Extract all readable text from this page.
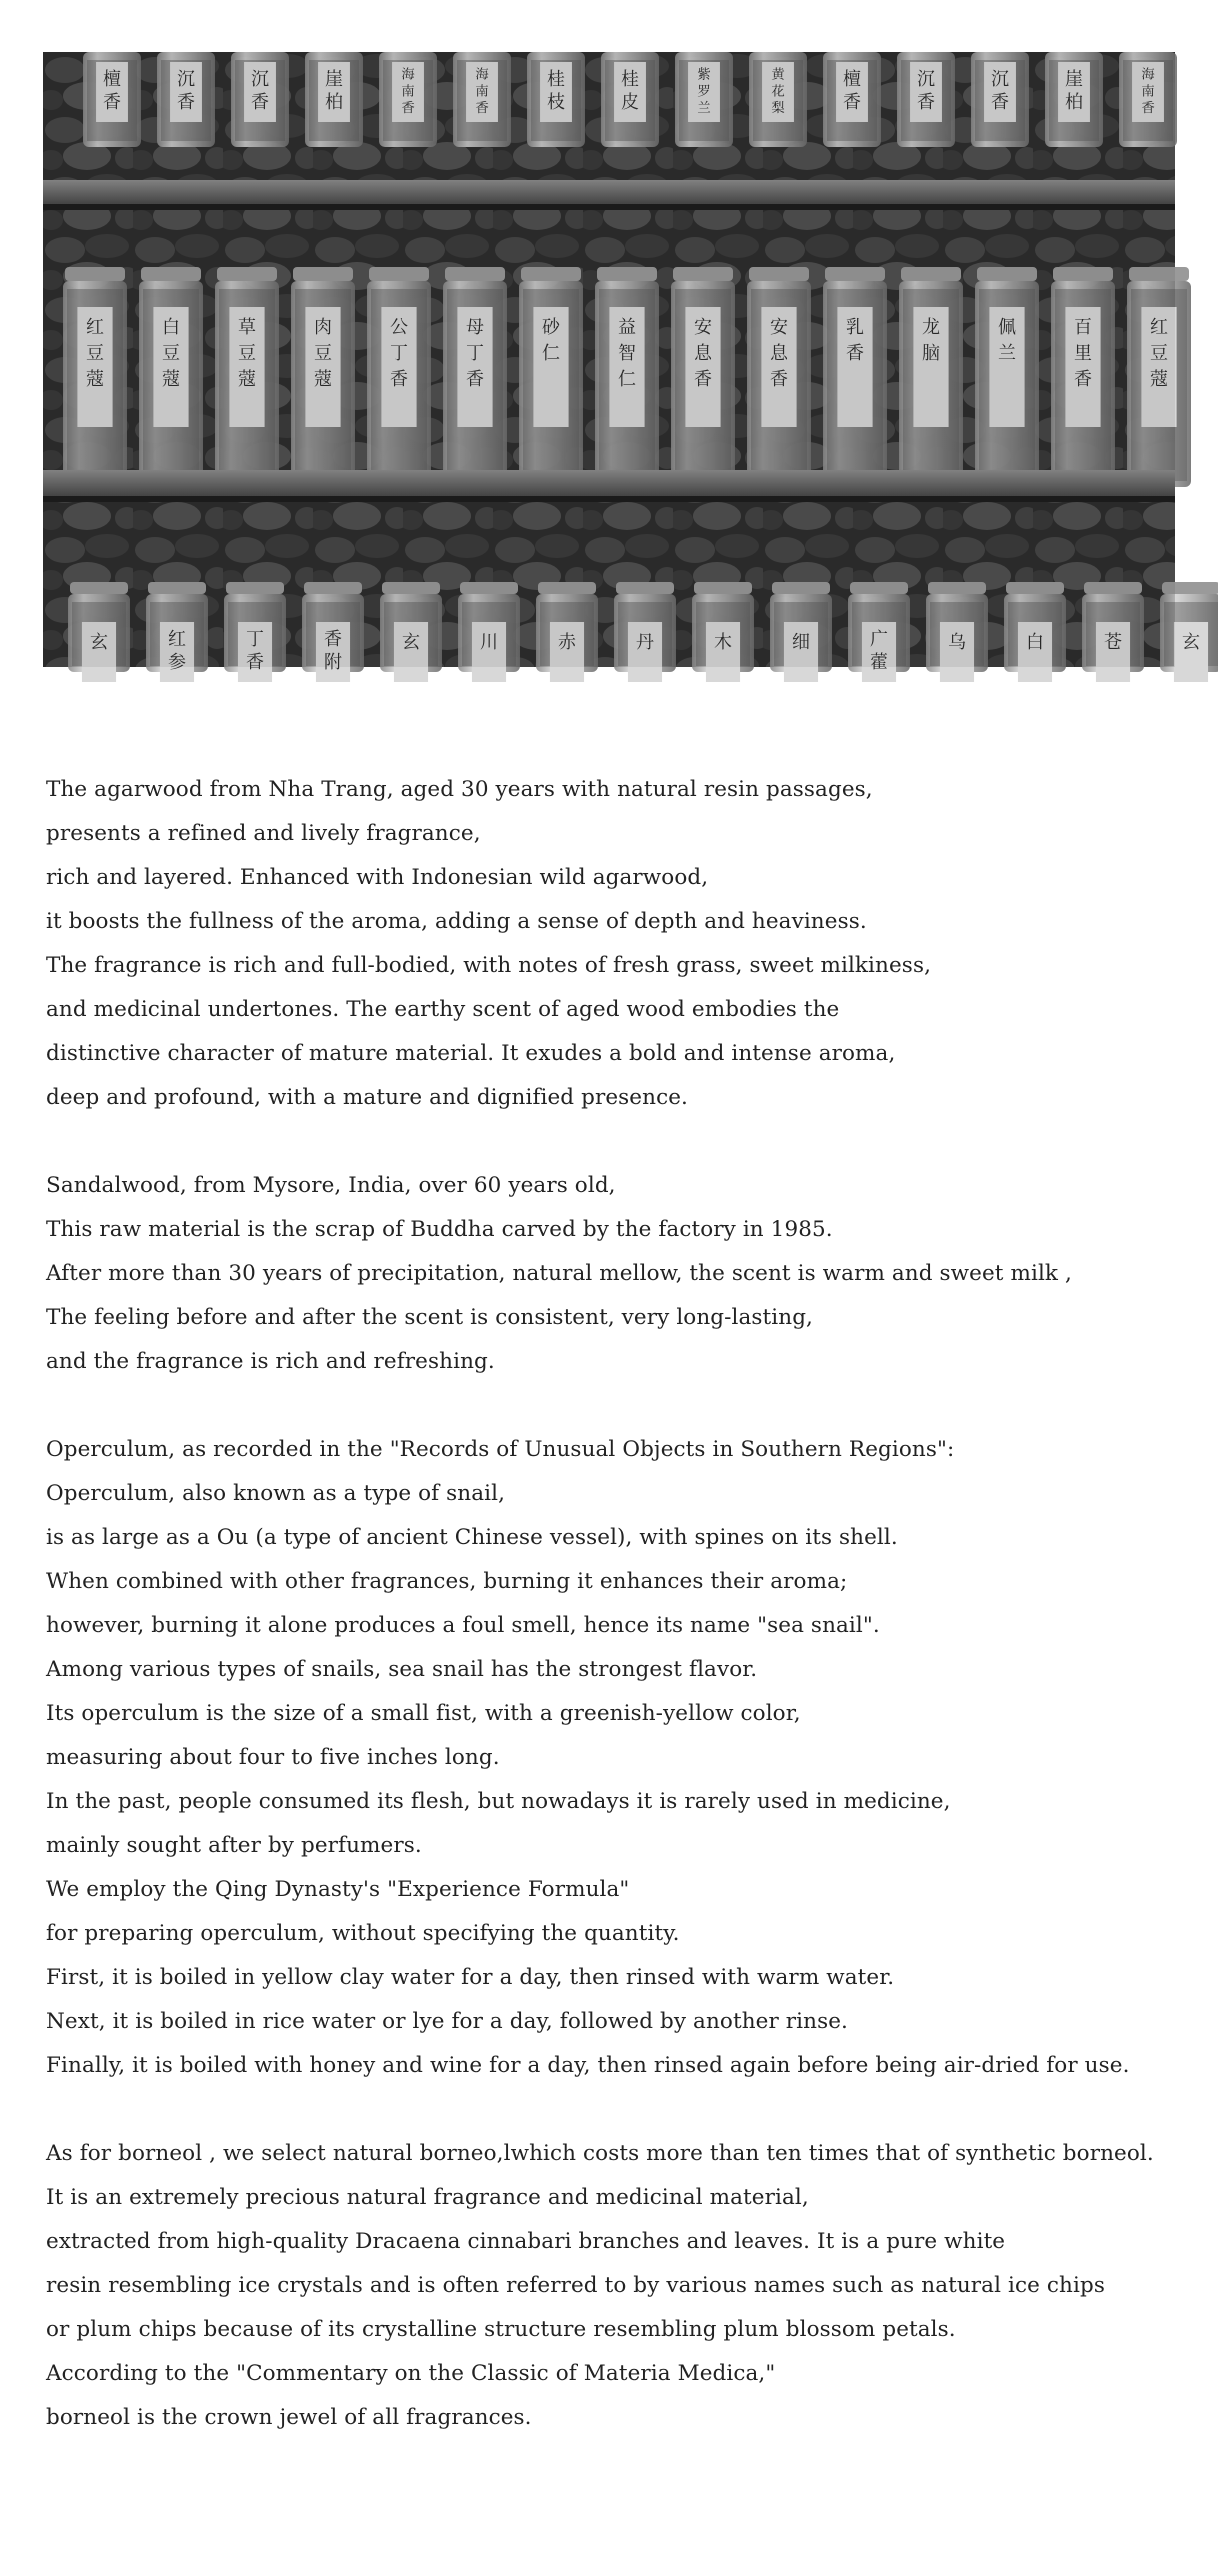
檀香
沉香
沉香
崖柏
海南香
海南香
桂枝
桂皮
紫罗兰
黄花梨
檀香
沉香
沉香
崖柏
海南香
红豆蔻
白豆蔻
草豆蔻
肉豆蔻
公丁香
母丁香
砂仁
益智仁
安息香
安息香
乳香
龙脑
佩兰
百里香
红豆蔻
玄	红参
丁香
香附
玄	川	赤	丹	木	细	广藿
乌	白	苍	玄
The agarwood from Nha Trang, aged 30 years with natural resin passages,
presents a refined and lively fragrance,
rich and layered. Enhanced with Indonesian wild agarwood,
it boosts the fullness of the aroma, adding a sense of depth and heaviness.
The fragrance is rich and full-bodied, with notes of fresh grass, sweet milkiness,
and medicinal undertones. The earthy scent of aged wood embodies the
distinctive character of mature material. It exudes a bold and intense aroma,
deep and profound, with a mature and dignified presence.
Sandalwood, from Mysore, India, over 60 years old,
This raw material is the scrap of Buddha carved by the factory in 1985.
After more than 30 years of precipitation, natural mellow, the scent is warm and sweet milk ,
The feeling before and after the scent is consistent, very long-lasting,
and the fragrance is rich and refreshing.
Operculum, as recorded in the "Records of Unusual Objects in Southern Regions":
Operculum, also known as a type of snail,
is as large as a Ou (a type of ancient Chinese vessel), with spines on its shell.
When combined with other fragrances, burning it enhances their aroma;
however, burning it alone produces a foul smell, hence its name "sea snail".
Among various types of snails, sea snail has the strongest flavor.
Its operculum is the size of a small fist, with a greenish-yellow color,
measuring about four to five inches long.
In the past, people consumed its flesh, but nowadays it is rarely used in medicine,
mainly sought after by perfumers.
We employ the Qing Dynasty's "Experience Formula"
for preparing operculum, without specifying the quantity.
First, it is boiled in yellow clay water for a day, then rinsed with warm water.
Next, it is boiled in rice water or lye for a day, followed by another rinse.
Finally, it is boiled with honey and wine for a day, then rinsed again before being air-dried for use.
As for borneol , we select natural borneo,lwhich costs more than ten times that of synthetic borneol.
It is an extremely precious natural fragrance and medicinal material,
extracted from high-quality Dracaena cinnabari branches and leaves. It is a pure white
resin resembling ice crystals and is often referred to by various names such as natural ice chips
or plum chips because of its crystalline structure resembling plum blossom petals.
According to the "Commentary on the Classic of Materia Medica,"
borneol is the crown jewel of all fragrances.
